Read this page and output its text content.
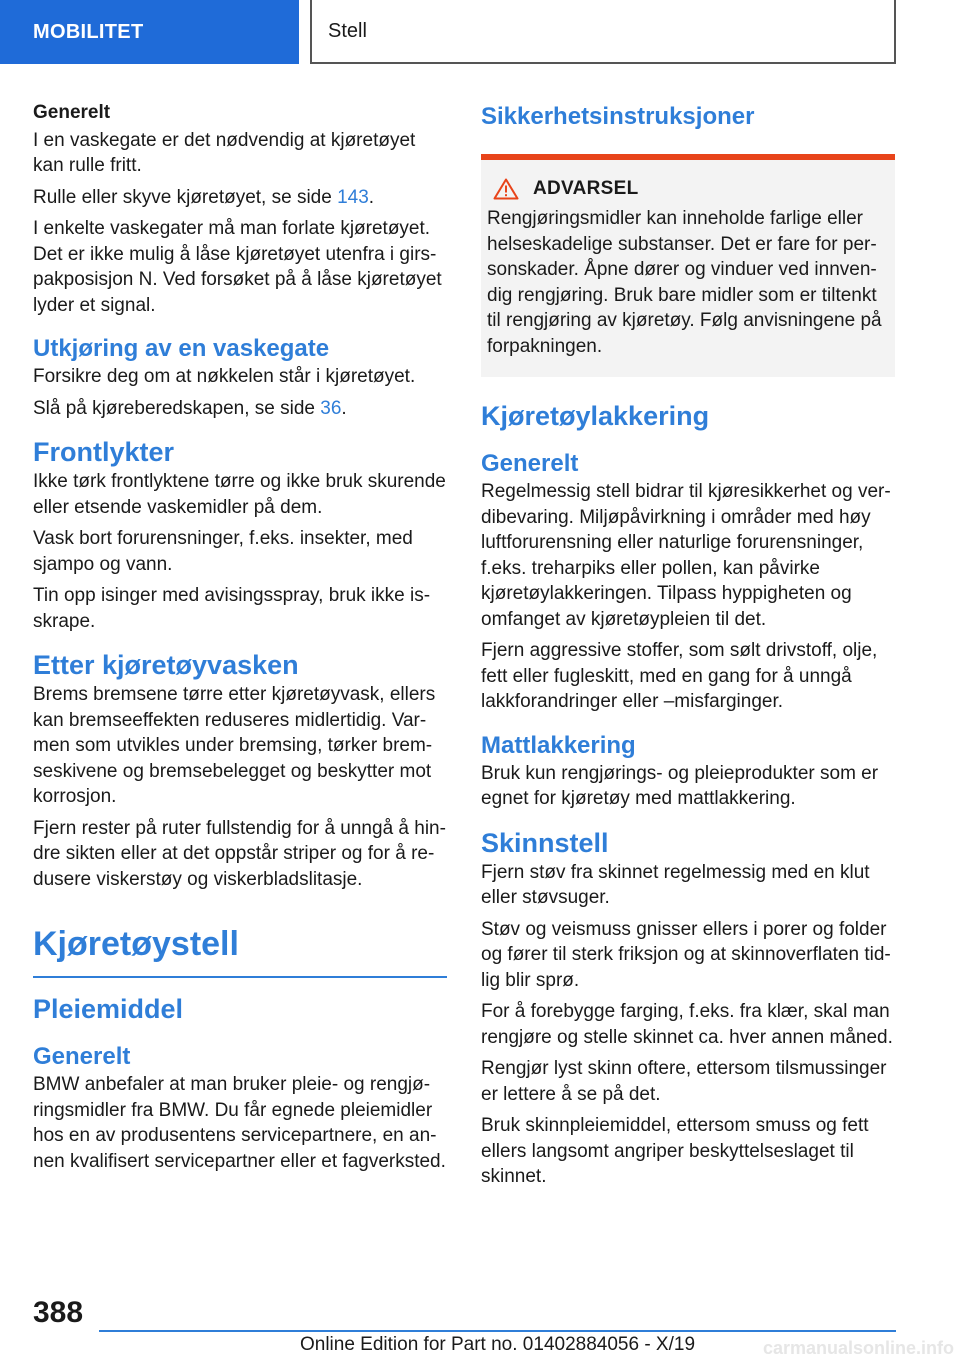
MOBILITET	Stell
Generelt

I en vaskegate er det nødvendig at kjøretøyet kan rulle fritt.

Rulle eller skyve kjøretøyet, se side 143.

I enkelte vaskegater må man forlate kjøretøyet. Det er ikke mulig å låse kjøretøyet utenfra i girspakposisjon N. Ved forsøket på å låse kjøretøyet lyder et signal.

Utkjøring av en vaskegate

Forsikre deg om at nøkkelen står i kjøretøyet.

Slå på kjøreberedskapen, se side 36.

Frontlykter

Ikke tørk frontlyktene tørre og ikke bruk skurende eller etsende vaskemidler på dem.

Vask bort forurensninger, f.eks. insekter, med sjampo og vann.

Tin opp isinger med avisingsspray, bruk ikke isskrape.

Etter kjøretøyvasken

Brems bremsene tørre etter kjøretøyvask, ellers kan bremseeffekten reduseres midlertidig. Varmen som utvikles under bremsing, tørker bremseskivene og bremsebelegget og beskytter mot korrosjon.

Fjern rester på ruter fullstendig for å unngå å hindre sikten eller at det oppstår striper og for å redusere viskerstøy og viskerbladslitasje.

Kjøretøystell
Pleiemiddel
Generelt

BMW anbefaler at man bruker pleie- og rengjøringsmidler fra BMW. Du får egnede pleiemidler hos en av produsentens servicepartnere, en annen kvalifisert servicepartner eller et fagverksted.

Sikkerhetsinstruksjoner
ADVARSEL

Rengjøringsmidler kan inneholde farlige eller helseskadelige substanser. Det er fare for personskader. Åpne dører og vinduer ved innvendig rengjøring. Bruk bare midler som er tiltenkt til rengjøring av kjøretøy. Følg anvisningene på forpakningen.

Kjøretøylakkering
Generelt

Regelmessig stell bidrar til kjøresikkerhet og verdibevaring. Miljøpåvirkning i områder med høy luftforurensning eller naturlige forurensninger, f.eks. treharpiks eller pollen, kan påvirke kjøretøylakkeringen. Tilpass hyppigheten og omfanget av kjøretøypleien til det.

Fjern aggressive stoffer, som sølt drivstoff, olje, fett eller fugleskitt, med en gang for å unngå lakkforandringer eller –misfarginger.

Mattlakkering

Bruk kun rengjørings- og pleieprodukter som er egnet for kjøretøy med mattlakkering.

Skinnstell

Fjern støv fra skinnet regelmessig med en klut eller støvsuger.

Støv og veismuss gnisser ellers i porer og folder og fører til sterk friksjon og at skinnoverflaten tidlig blir sprø.

For å forebygge farging, f.eks. fra klær, skal man rengjøre og stelle skinnet ca. hver annen måned.

Rengjør lyst skinn oftere, ettersom tilsmussinger er lettere å se på det.

Bruk skinnpleiemiddel, ettersom smuss og fett ellers langsomt angriper beskyttelseslaget til skinnet.

388
Online Edition for Part no. 01402884056 - X/19	carmanualsonline.info
